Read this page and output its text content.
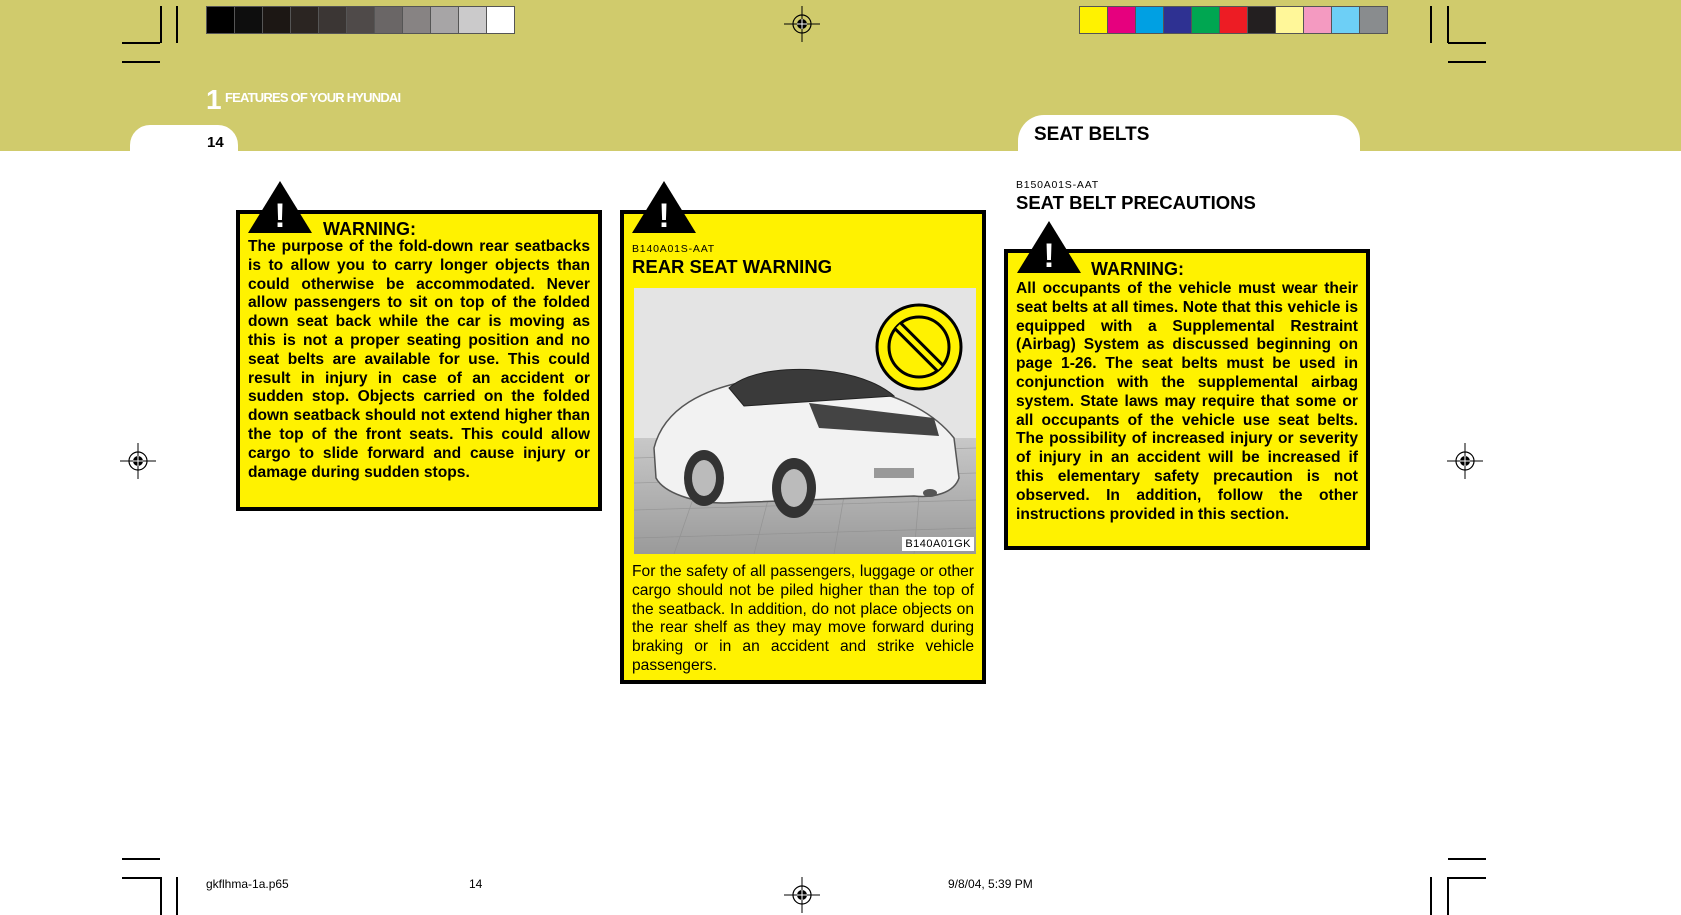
1 FEATURES OF YOUR HYUNDAI
14	SEAT BELTS
! WARNING:

The purpose of the fold-down rear seatbacks is to allow you to carry longer objects than could otherwise be accommodated. Never allow passengers to sit on top of the folded down seat back while the car is moving as this is not a proper seating position and no seat belts are available for use. This could result in injury in case of an accident or sudden stop. Objects carried on the folded down seatback should not extend higher than the top of the front seats. This could allow cargo to slide forward and cause injury or damage during sudden stops.

!
B140A01S-AAT
REAR SEAT WARNING
B140A01GK

For the safety of all passengers, luggage or other cargo should not be piled higher than the top of the seatback. In addition, do not place objects on the rear shelf as they may move forward during braking or in an accident and strike vehicle passengers.

B150A01S-AAT
SEAT BELT PRECAUTIONS
! WARNING:

All occupants of the vehicle must wear their seat belts at all times. Note that this vehicle is equipped with a Supplemental Restraint (Airbag) System as discussed beginning on page 1-26. The seat belts must be used in conjunction with the supplemental airbag system. State laws may require that some or all occupants of the vehicle use seat belts. The possibility of increased injury or severity of injury in an accident will be increased if this elementary safety precaution is not observed. In addition, follow the other instructions provided in this section.

gkflhma-1a.p65	14	9/8/04, 5:39 PM
